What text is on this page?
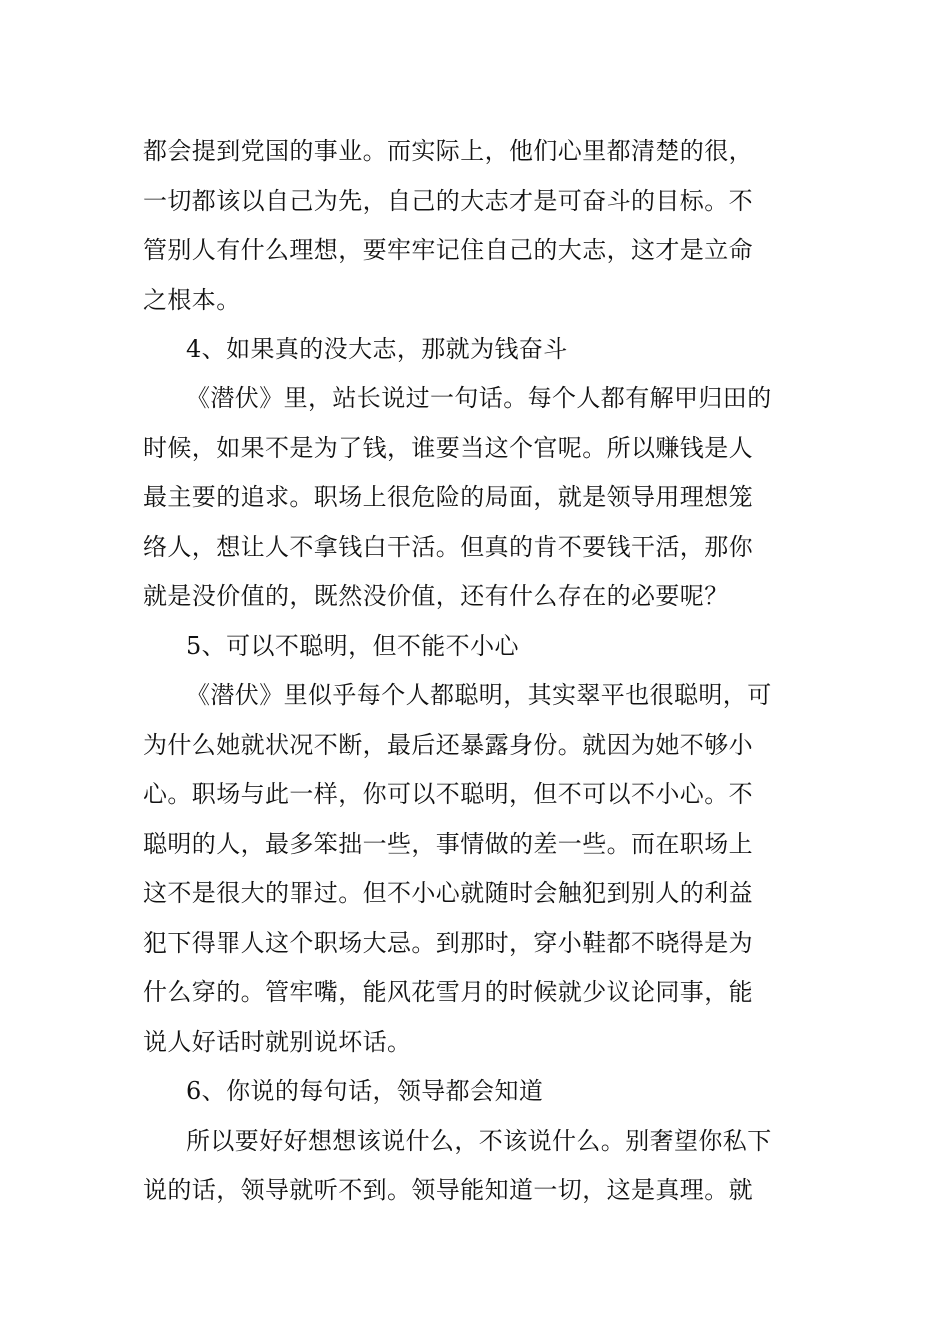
都会提到党国的事业。而实际上，他们心里都清楚的很，
一切都该以自己为先，自己的大志才是可奋斗的目标。不
管别人有什么理想，要牢牢记住自己的大志，这才是立命
之根本。
4、如果真的没大志，那就为钱奋斗
《潜伏》里，站长说过一句话。每个人都有解甲归田的
时候，如果不是为了钱，谁要当这个官呢。所以赚钱是人
最主要的追求。职场上很危险的局面，就是领导用理想笼
络人，想让人不拿钱白干活。但真的肯不要钱干活，那你
就是没价值的，既然没价值，还有什么存在的必要呢？
5、可以不聪明，但不能不小心
《潜伏》里似乎每个人都聪明，其实翠平也很聪明，可
为什么她就状况不断，最后还暴露身份。就因为她不够小
心。职场与此一样，你可以不聪明，但不可以不小心。不
聪明的人，最多笨拙一些，事情做的差一些。而在职场上
这不是很大的罪过。但不小心就随时会触犯到别人的利益
犯下得罪人这个职场大忌。到那时，穿小鞋都不晓得是为
什么穿的。管牢嘴，能风花雪月的时候就少议论同事，能
说人好话时就别说坏话。
6、你说的每句话，领导都会知道
所以要好好想想该说什么，不该说什么。别奢望你私下
说的话，领导就听不到。领导能知道一切，这是真理。就
